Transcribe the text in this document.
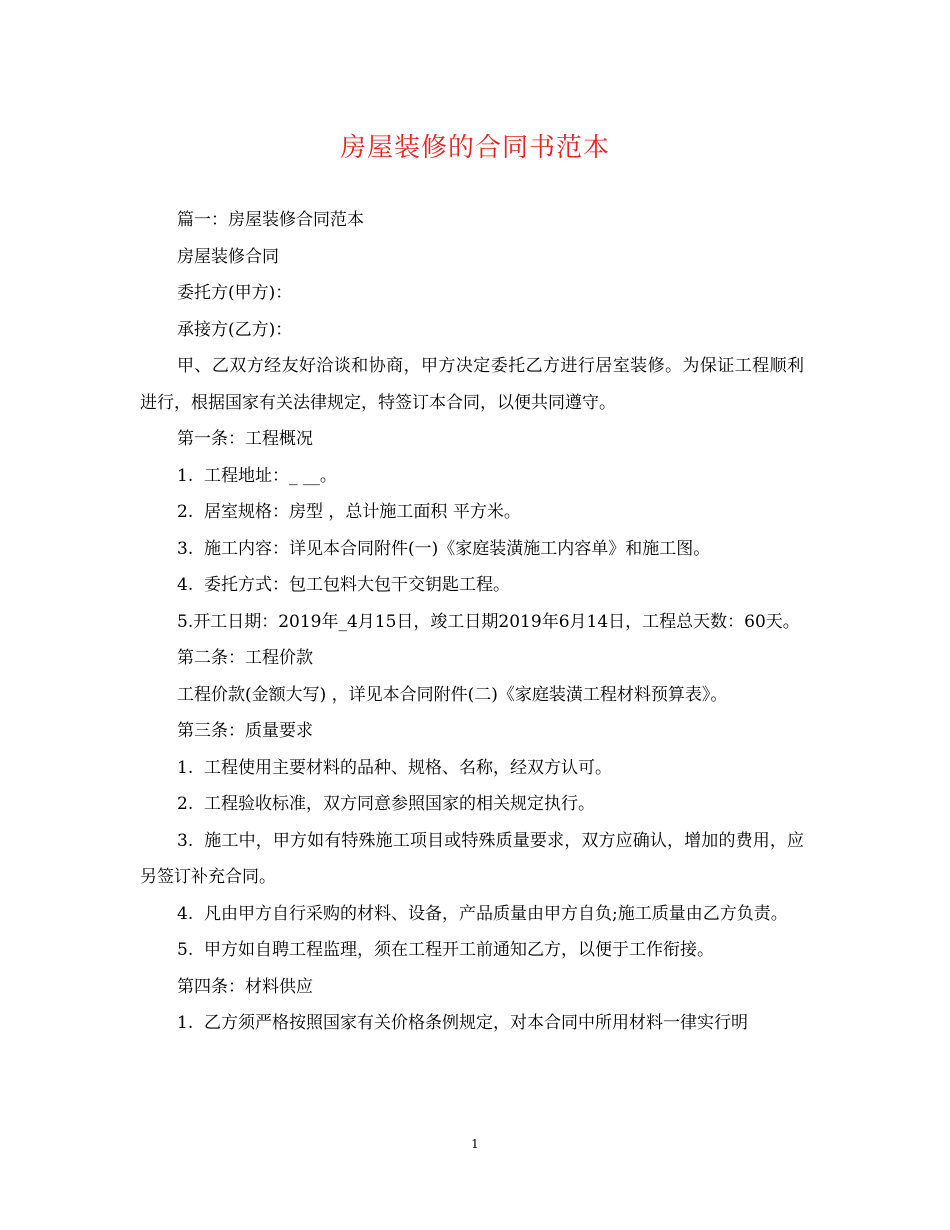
房屋装修的合同书范本

篇一：房屋装修合同范本

房屋装修合同

委托方(甲方)：

承接方(乙方)：

甲、乙双方经友好洽谈和协商，甲方决定委托乙方进行居室装修。为保证工程顺利进行，根据国家有关法律规定，特签订本合同，以便共同遵守。

第一条：工程概况

1.  工程地址：_ __。

2.  居室规格：房型 ，总计施工面积 平方米。

3.  施工内容：详见本合同附件(一)《家庭装潢施工内容单》和施工图。

4.  委托方式：包工包料大包干交钥匙工程。

5.开工日期：2019年_4月15日，竣工日期2019年6月14日，工程总天数：60天。

第二条：工程价款

工程价款(金额大写) ，详见本合同附件(二)《家庭装潢工程材料预算表》。

第三条：质量要求

1.  工程使用主要材料的品种、规格、名称，经双方认可。

2.  工程验收标准，双方同意参照国家的相关规定执行。

3.  施工中，甲方如有特殊施工项目或特殊质量要求，双方应确认，增加的费用，应另签订补充合同。

4.  凡由甲方自行采购的材料、设备，产品质量由甲方自负;施工质量由乙方负责。

5.  甲方如自聘工程监理，须在工程开工前通知乙方，以便于工作衔接。

第四条：材料供应

1.  乙方须严格按照国家有关价格条例规定，对本合同中所用材料一律实行明

1
